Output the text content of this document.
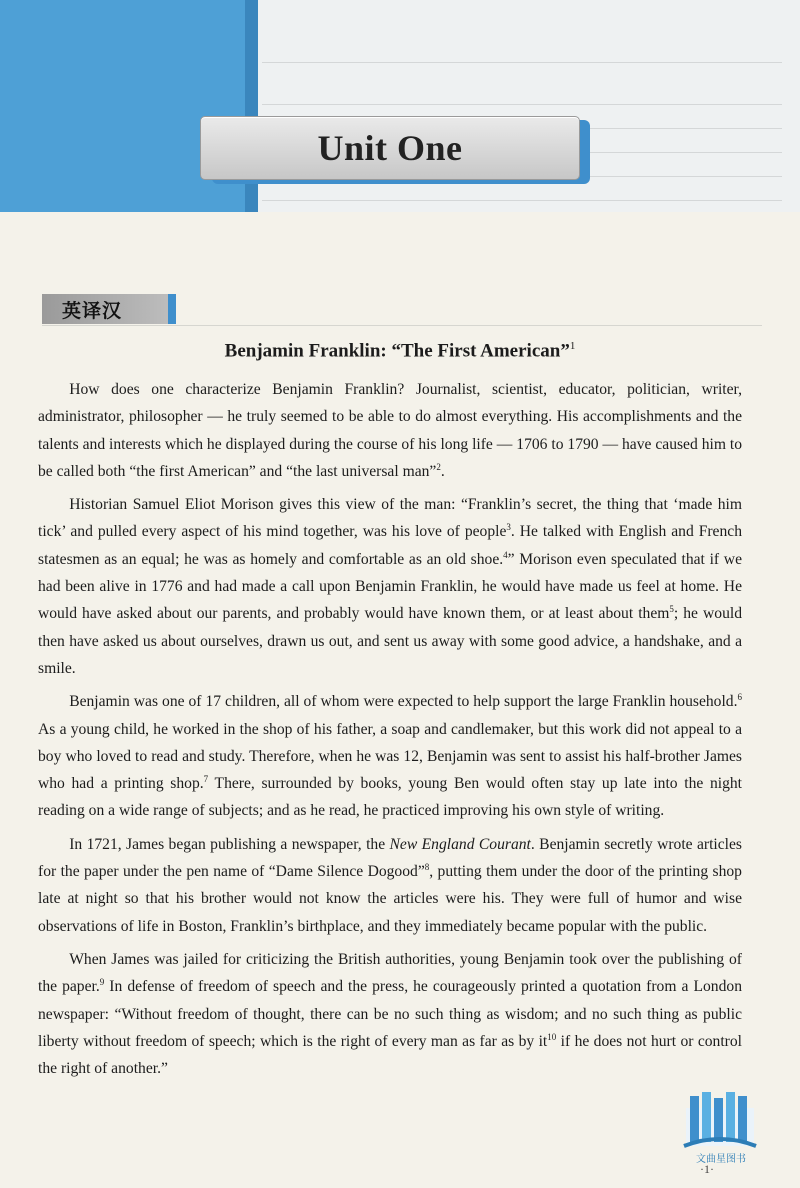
Unit One
英译汉
Benjamin Franklin: “The First American”$^1$

How does one characterize Benjamin Franklin? Journalist, scientist, educator, politician, writer, administrator, philosopher — he truly seemed to be able to do almost everything. His accomplishments and the talents and interests which he displayed during the course of his long life — 1706 to 1790 — have caused him to be called both “the first American” and “the last universal man”$^2$.

Historian Samuel Eliot Morison gives this view of the man: “Franklin’s secret, the thing that ‘made him tick’ and pulled every aspect of his mind together, was his love of people$^3$. He talked with English and French statesmen as an equal; he was as homely and comfortable as an old shoe.$^4$” Morison even speculated that if we had been alive in 1776 and had made a call upon Benjamin Franklin, he would have made us feel at home. He would have asked about our parents, and probably would have known them, or at least about them$^5$; he would then have asked us about ourselves, drawn us out, and sent us away with some good advice, a handshake, and a smile.

Benjamin was one of 17 children, all of whom were expected to help support the large Franklin household.$^6$ As a young child, he worked in the shop of his father, a soap and candlemaker, but this work did not appeal to a boy who loved to read and study. Therefore, when he was 12, Benjamin was sent to assist his half-brother James who had a printing shop.$^7$ There, surrounded by books, young Ben would often stay up late into the night reading on a wide range of subjects; and as he read, he practiced improving his own style of writing.

In 1721, James began publishing a newspaper, the New England Courant. Benjamin secretly wrote articles for the paper under the pen name of “Dame Silence Dogood”$^8$, putting them under the door of the printing shop late at night so that his brother would not know the articles were his. They were full of humor and wise observations of life in Boston, Franklin’s birthplace, and they immediately became popular with the public.

When James was jailed for criticizing the British authorities, young Benjamin took over the publishing of the paper.$^9$ In defense of freedom of speech and the press, he courageously printed a quotation from a London newspaper: “Without freedom of thought, there can be no such thing as wisdom; and no such thing as public liberty without freedom of speech; which is the right of every man as far as by $it^{10}$ if he does not hurt or control the right of another.”

文曲星图书
·1·
